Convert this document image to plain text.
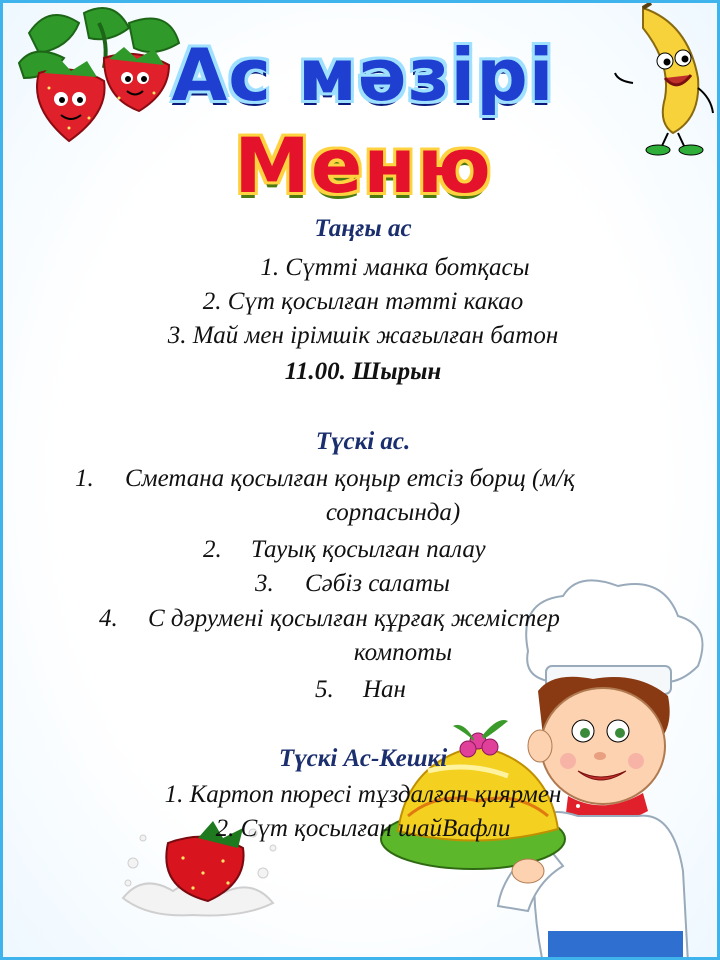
Ас мәзірі
Меню
Таңғы ас
1. Сүтті манка ботқасы
2. Сүт қосылған тәтті какао
3. Май мен ірімшік жағылған батон
11.00. Шырын
Түскі ас.
1. Сметана қосылған қоңыр етсіз борщ (м/қ
сорпасында)
2. Тауық қосылған палау
3. Сәбіз салаты
4. С дәрумені қосылған құрғақ жемістер
компоты
5. Нан
Түскі Ас-Кешкі
1. Картоп пюресі тұздалған қиярмен
2. Сүт қосылған шайВафли
